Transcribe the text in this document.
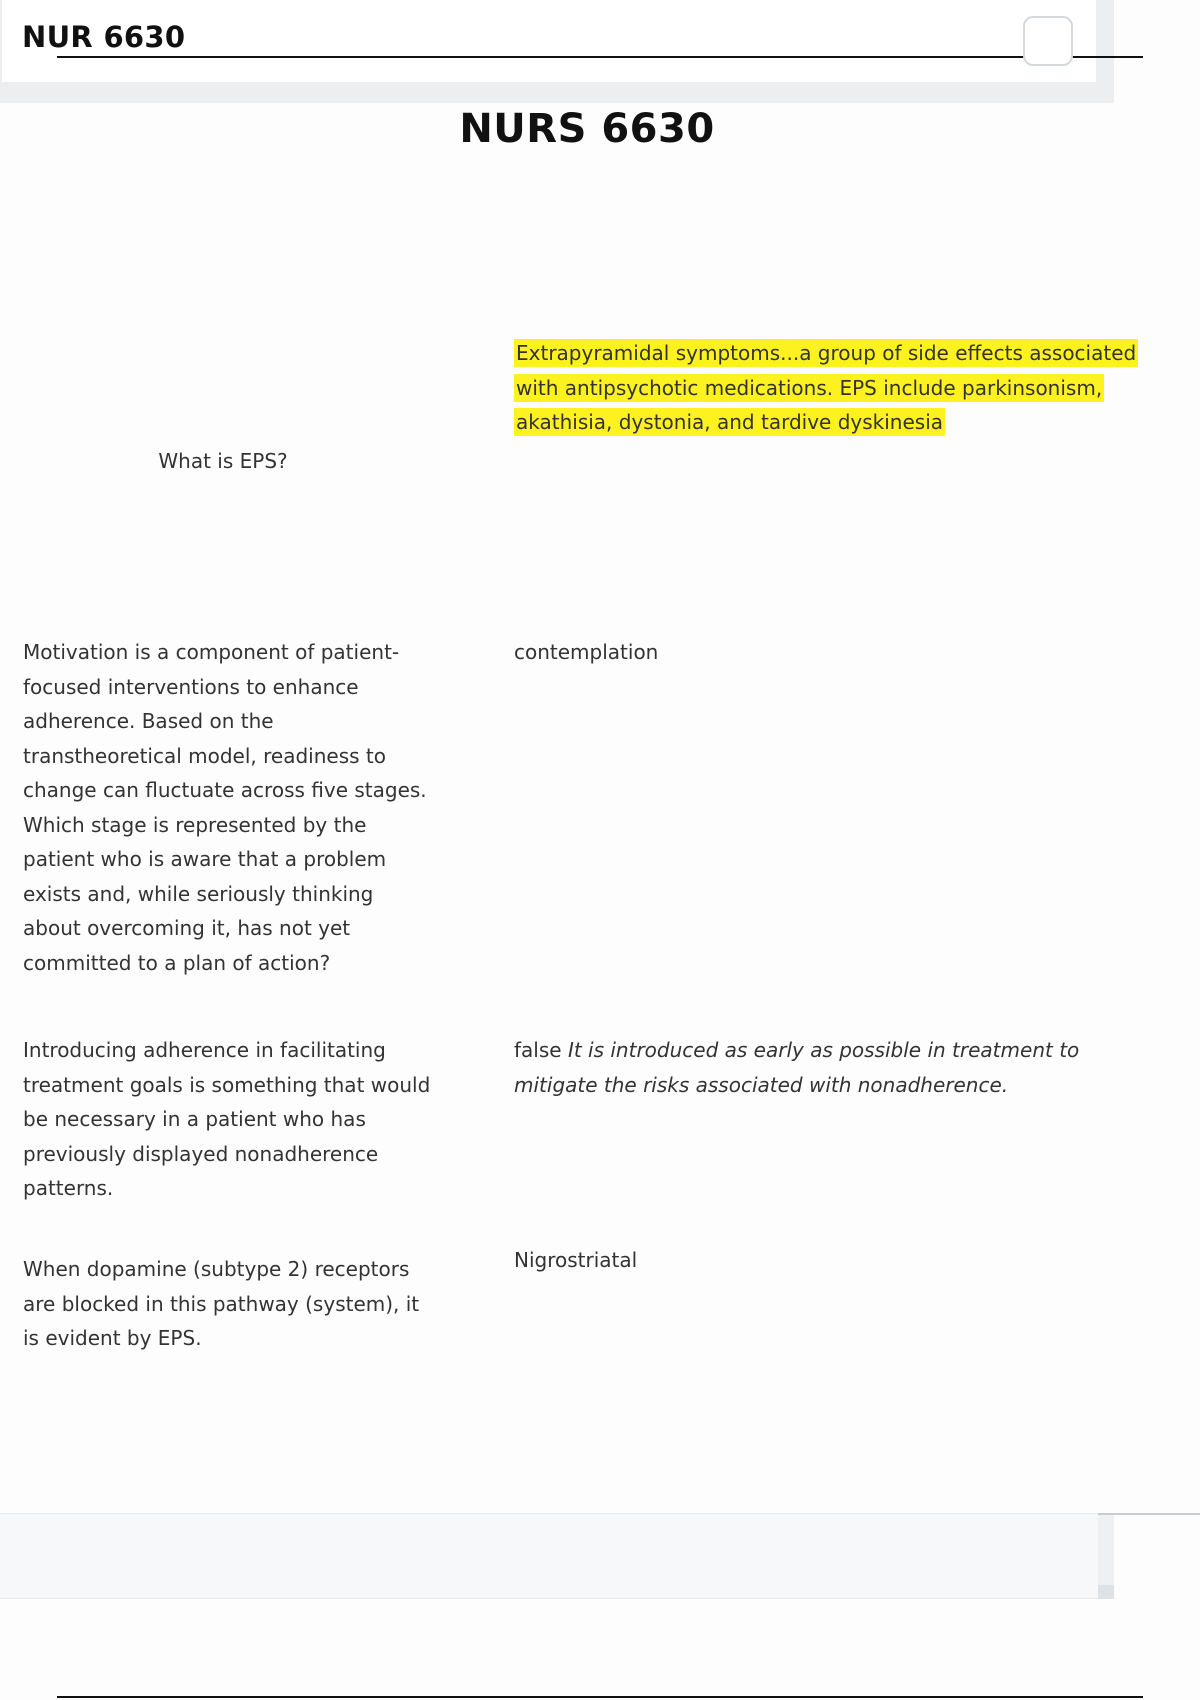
NUR 6630
NURS 6630
What is EPS?
Extrapyramidal symptoms...a group of side effects associated with antipsychotic medications. EPS include parkinsonism, akathisia, dystonia, and tardive dyskinesia
Motivation is a component of patient-focused interventions to enhance adherence. Based on the transtheoretical model, readiness to change can fluctuate across five stages. Which stage is represented by the patient who is aware that a problem exists and, while seriously thinking about overcoming it, has not yet committed to a plan of action?
contemplation
Introducing adherence in facilitating treatment goals is something that would be necessary in a patient who has previously displayed nonadherence patterns.
false It is introduced as early as possible in treatment to mitigate the risks associated with nonadherence.
When dopamine (subtype 2) receptors are blocked in this pathway (system), it is evident by EPS.
Nigrostriatal
